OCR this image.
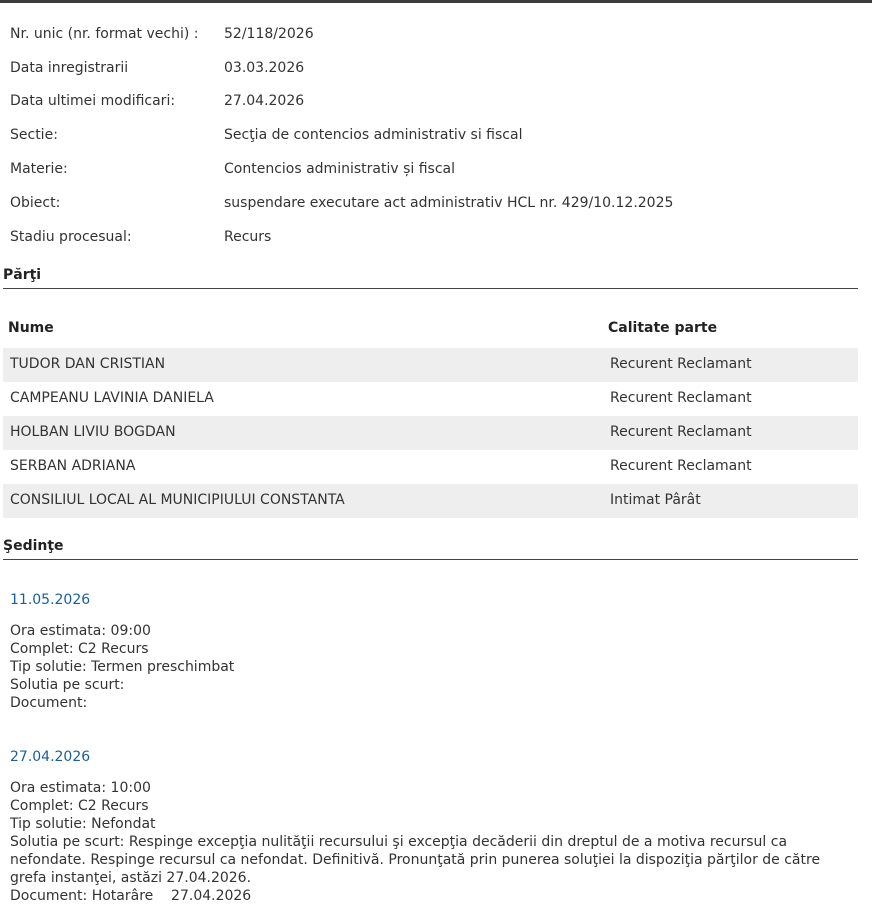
Nr. unic (nr. format vechi) :	52/118/2026
Data inregistrarii	03.03.2026
Data ultimei modificari:	27.04.2026
Sectie:	Secţia de contencios administrativ si fiscal
Materie:	Contencios administrativ și fiscal
Obiect:	suspendare executare act administrativ HCL nr. 429/10.12.2025
Stadiu procesual:	Recurs
Părţi
Nume	Calitate parte
TUDOR DAN CRISTIAN	Recurent Reclamant
CAMPEANU LAVINIA DANIELA	Recurent Reclamant
HOLBAN LIVIU BOGDAN	Recurent Reclamant
SERBAN ADRIANA	Recurent Reclamant
CONSILIUL LOCAL AL MUNICIPIULUI CONSTANTA	Intimat Pârât
Şedinţe
11.05.2026
Ora estimata: 09:00
Complet: C2 Recurs
Tip solutie: Termen preschimbat
Solutia pe scurt:
Document:
27.04.2026
Ora estimata: 10:00
Complet: C2 Recurs
Tip solutie: Nefondat
Solutia pe scurt: Respinge excepţia nulităţii recursului şi excepţia decăderii din dreptul de a motiva recursul ca nefondate. Respinge recursul ca nefondat. Definitivă. Pronunţată prin punerea soluţiei la dispoziţia părţilor de către grefa instanţei, astăzi 27.04.2026.
Document: Hotarâre    27.04.2026
